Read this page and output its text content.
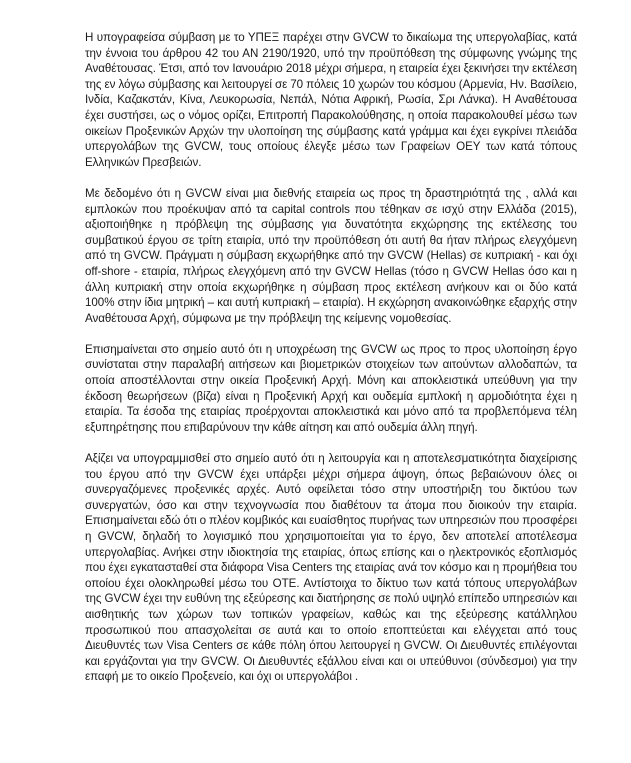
Η υπογραφείσα σύμβαση με το ΥΠΕΞ παρέχει στην GVCW το δικαίωμα της υπεργολαβίας, κατά την έννοια του άρθρου 42 του ΑΝ 2190/1920, υπό την προϋπόθεση της σύμφωνης γνώμης της Αναθέτουσας. Έτσι, από τον Ιανουάριο 2018 μέχρι σήμερα, η εταιρεία έχει ξεκινήσει την εκτέλεση της εν λόγω σύμβασης και λειτουργεί σε 70 πόλεις 10 χωρών του κόσμου (Αρμενία, Ην. Βασίλειο, Ινδία, Καζακστάν, Κίνα, Λευκορωσία, Νεπάλ, Νότια Αφρική, Ρωσία, Σρι Λάνκα). Η Αναθέτουσα έχει συστήσει, ως ο νόμος ορίζει, Επιτροπή Παρακολούθησης, η οποία παρακολουθεί μέσω των οικείων Προξενικών Αρχών την υλοποίηση της σύμβασης κατά γράμμα και έχει εγκρίνει πλειάδα υπεργολάβων της GVCW, τους οποίους έλεγξε μέσω των Γραφείων ΟΕΥ των κατά τόπους Ελληνικών Πρεσβειών.

Με δεδομένο ότι η GVCW είναι μια διεθνής εταιρεία ως προς τη δραστηριότητά της , αλλά και εμπλοκών που προέκυψαν από τα capital controls που τέθηκαν σε ισχύ στην Ελλάδα (2015), αξιοποιήθηκε η πρόβλεψη της σύμβασης για δυνατότητα εκχώρησης της εκτέλεσης του συμβατικού έργου σε τρίτη εταιρία, υπό την προϋπόθεση ότι αυτή θα ήταν πλήρως ελεγχόμενη από τη GVCW. Πράγματι η σύμβαση εκχωρήθηκε από την GVCW (Hellas) σε κυπριακή - και όχι off-shore - εταιρία, πλήρως ελεγχόμενη από την GVCW Hellas (τόσο η GVCW Hellas όσο και η άλλη κυπριακή στην οποία εκχωρήθηκε η σύμβαση προς εκτέλεση ανήκουν και οι δύο κατά 100% στην ίδια μητρική – και αυτή κυπριακή – εταιρία). Η εκχώρηση ανακοινώθηκε εξαρχής στην Αναθέτουσα Αρχή, σύμφωνα με την πρόβλεψη της κείμενης νομοθεσίας.

Επισημαίνεται στο σημείο αυτό ότι η υποχρέωση της GVCW ως προς το προς υλοποίηση έργο συνίσταται στην παραλαβή αιτήσεων και βιομετρικών στοιχείων των αιτούντων αλλοδαπών, τα οποία αποστέλλονται στην οικεία Προξενική Αρχή. Μόνη και αποκλειστικά υπεύθυνη για την έκδοση θεωρήσεων (βίζα) είναι η Προξενική Αρχή και ουδεμία εμπλοκή η αρμοδιότητα έχει η εταιρία. Τα έσοδα της εταιρίας προέρχονται αποκλειστικά και μόνο από τα προβλεπόμενα τέλη εξυπηρέτησης που επιβαρύνουν την κάθε αίτηση και από ουδεμία άλλη πηγή.

Αξίζει να υπογραμμισθεί στο σημείο αυτό ότι η λειτουργία και η αποτελεσματικότητα διαχείρισης του έργου από την GVCW έχει υπάρξει μέχρι σήμερα άψογη, όπως βεβαιώνουν όλες οι συνεργαζόμενες προξενικές αρχές. Αυτό οφείλεται τόσο στην υποστήριξη του δικτύου των συνεργατών, όσο και στην τεχνογνωσία που διαθέτουν τα άτομα που διοικούν την εταιρία. Επισημαίνεται εδώ ότι ο πλέον κομβικός και ευαίσθητος πυρήνας των υπηρεσιών που προσφέρει η GVCW, δηλαδή το λογισμικό που χρησιμοποιείται για το έργο, δεν αποτελεί αποτέλεσμα υπεργολαβίας. Ανήκει στην ιδιοκτησία της εταιρίας, όπως επίσης και ο ηλεκτρονικός εξοπλισμός που έχει εγκατασταθεί στα διάφορα Visa Centers της εταιρίας ανά τον κόσμο και η προμήθεια του οποίου έχει ολοκληρωθεί μέσω του ΟΤΕ. Αντίστοιχα το δίκτυο των κατά τόπους υπεργολάβων της GVCW έχει την ευθύνη της εξεύρεσης και διατήρησης σε πολύ υψηλό επίπεδο υπηρεσιών και αισθητικής των χώρων των τοπικών γραφείων, καθώς και της εξεύρεσης κατάλληλου προσωπικού που απασχολείται σε αυτά και το οποίο εποπτεύεται και ελέγχεται από τους Διευθυντές των Visa Centers σε κάθε πόλη όπου λειτουργεί η GVCW. Οι Διευθυντές επιλέγονται και εργάζονται για την GVCW. Οι Διευθυντές εξάλλου είναι και οι υπεύθυνοι (σύνδεσμοι) για την επαφή με το οικείο Προξενείο, και όχι οι υπεργολάβοι .
